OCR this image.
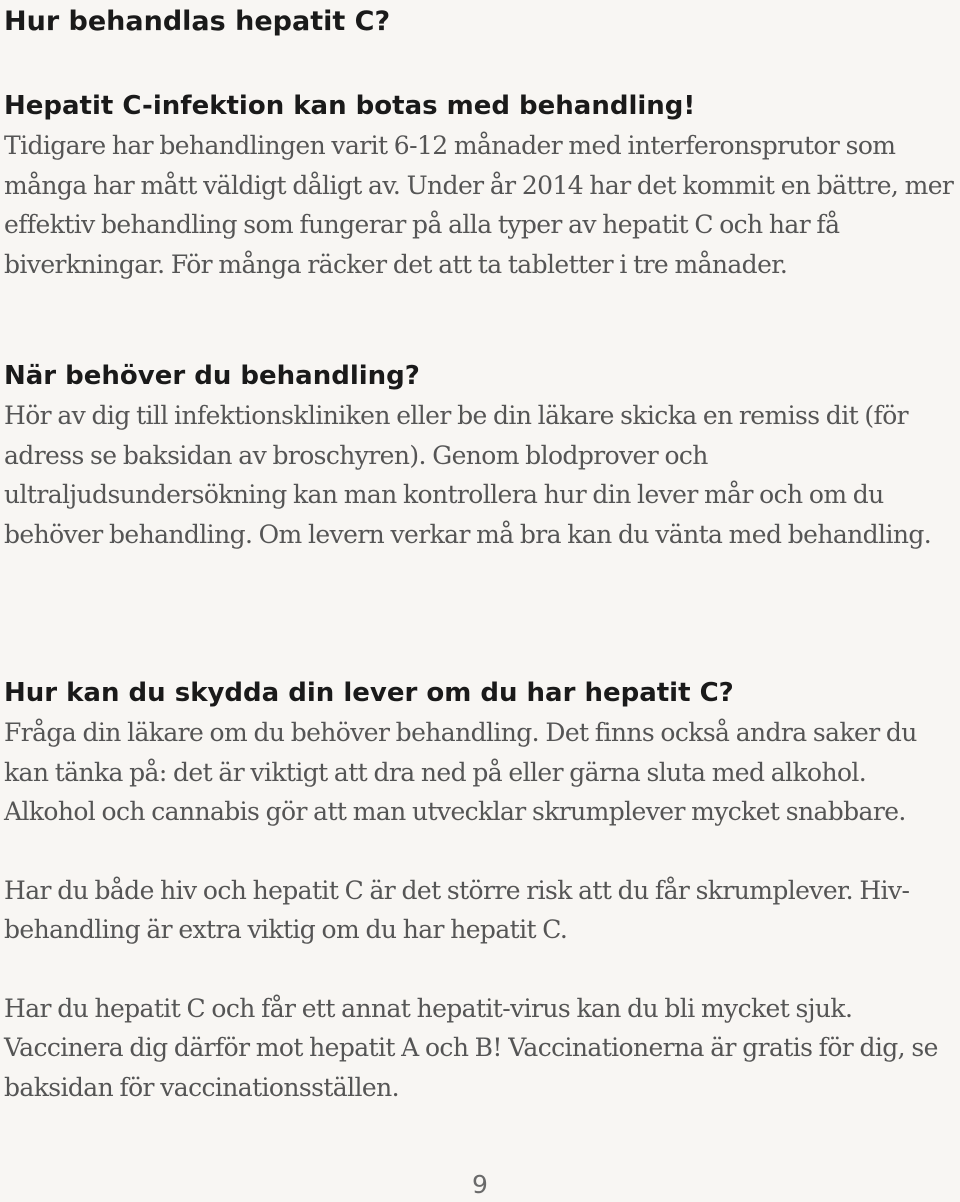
Hur behandlas hepatit C?
Hepatit C-infektion kan botas med behandling!

Tidigare har behandlingen varit 6-12 månader med interferonsprutor som många har mått väldigt dåligt av. Under år 2014 har det kommit en bättre, mer effektiv behandling som fungerar på alla typer av hepatit C och har få biverkningar. För många räcker det att ta tabletter i tre månader.

När behöver du behandling?

Hör av dig till infektionskliniken eller be din läkare skicka en remiss dit (för adress se baksidan av broschyren). Genom blodprover och ultraljudsundersökning kan man kontrollera hur din lever mår och om du behöver behandling. Om levern verkar må bra kan du vänta med behandling.

Hur kan du skydda din lever om du har hepatit C?

Fråga din läkare om du behöver behandling. Det finns också andra saker du kan tänka på: det är viktigt att dra ned på eller gärna sluta med alkohol. Alkohol och cannabis gör att man utvecklar skrumplever mycket snabbare.

Har du både hiv och hepatit C är det större risk att du får skrumplever. Hiv-behandling är extra viktig om du har hepatit C.

Har du hepatit C och får ett annat hepatit-virus kan du bli mycket sjuk. Vaccinera dig därför mot hepatit A och B! Vaccinationerna är gratis för dig, se baksidan för vaccinationsställen.

9
